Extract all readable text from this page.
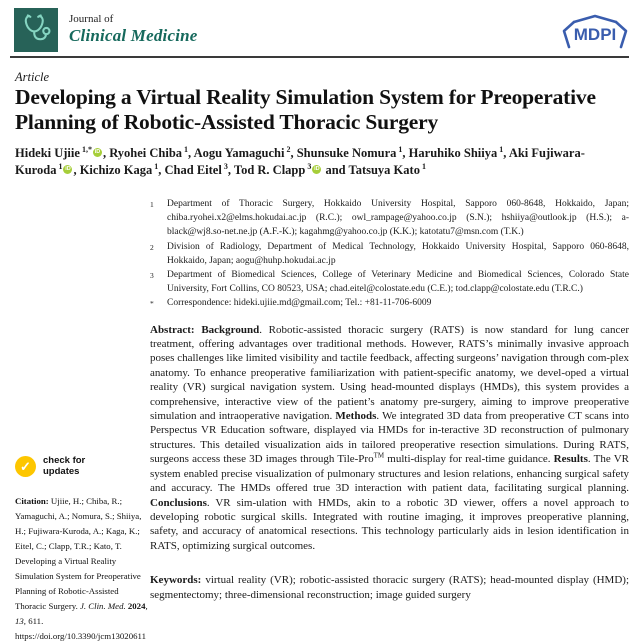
Journal of
Clinical Medicine	MDPI
Article
Developing a Virtual Reality Simulation System for Preoperative Planning of Robotic-Assisted Thoracic Surgery
Hideki Ujiie $^{1,*}$ iD , Ryohei Chiba $^1$, Aogu Yamaguchi $^2$, Shunsuke Nomura $^1$, Haruhiko Shiiya $^1$, Aki Fujiwara-Kuroda $^1$ iD , Kichizo Kaga $^1$, Chad Eitel $^3$, Tod R. Clapp $^3$ iD and Tatsuya Kato $^1$
1	Department of Thoracic Surgery, Hokkaido University Hospital, Sapporo 060-8648, Hokkaido, Japan; chiba.ryohei.x2@elms.hokudai.ac.jp (R.C.); owl_rampage@yahoo.co.jp (S.N.); hshiiya@outlook.jp (H.S.); a-black@wj8.so-net.ne.jp (A.F.-K.); kagahmg@yahoo.co.jp (K.K.); katotatu7@msn.com (T.K.)
2	Division of Radiology, Department of Medical Technology, Hokkaido University Hospital, Sapporo 060-8648, Hokkaido, Japan; aogu@huhp.hokudai.ac.jp
3	Department of Biomedical Sciences, College of Veterinary Medicine and Biomedical Sciences, Colorado State University, Fort Collins, CO 80523, USA; chad.eitel@colostate.edu (C.E.); tod.clapp@colostate.edu (T.R.C.)
*	Correspondence: hideki.ujiie.md@gmail.com; Tel.: +81-11-706-6009
Abstract: Background. Robotic-assisted thoracic surgery (RATS) is now standard for lung cancer treatment, offering advantages over traditional methods. However, RATS’s minimally invasive approach poses challenges like limited visibility and tactile feedback, affecting surgeons’ navigation through com-plex anatomy. To enhance preoperative familiarization with patient-specific anatomy, we devel-oped a virtual reality (VR) surgical navigation system. Using head-mounted displays (HMDs), this system provides a comprehensive, interactive view of the patient’s anatomy pre-surgery, aiming to improve preoperative simulation and intraoperative navigation. Methods. We integrated 3D data from preoperative CT scans into Perspectus VR Education software, displayed via HMDs for in-teractive 3D reconstruction of pulmonary structures. This detailed visualization aids in tailored preoperative resection simulations. During RATS, surgeons access these 3D images through Tile-Pro™ multi-display for real-time guidance. Results. The VR system enabled precise visualization of pulmonary structures and lesion relations, enhancing surgical safety and accuracy. The HMDs offered true 3D interaction with patient data, facilitating surgical planning. Conclusions. VR sim-ulation with HMDs, akin to a robotic 3D viewer, offers a novel approach to developing robotic surgical skills. Integrated with routine imaging, it improves preoperative planning, safety, and accuracy of anatomical resections. This technology particularly aids in lesion identification in RATS, optimizing surgical outcomes.
Keywords: virtual reality (VR); robotic-assisted thoracic surgery (RATS); head-mounted display (HMD); segmentectomy; three-dimensional reconstruction; image guided surgery
✓	check for
updates
Citation: Ujiie, H.; Chiba, R.; Yamaguchi, A.; Nomura, S.; Shiiya, H.; Fujiwara-Kuroda, A.; Kaga, K.; Eitel, C.; Clapp, T.R.; Kato, T. Developing a Virtual Reality Simulation System for Preoperative Planning of Robotic-Assisted Thoracic Surgery. J. Clin. Med. 2024, 13, 611. https://doi.org/10.3390/jcm13020611
